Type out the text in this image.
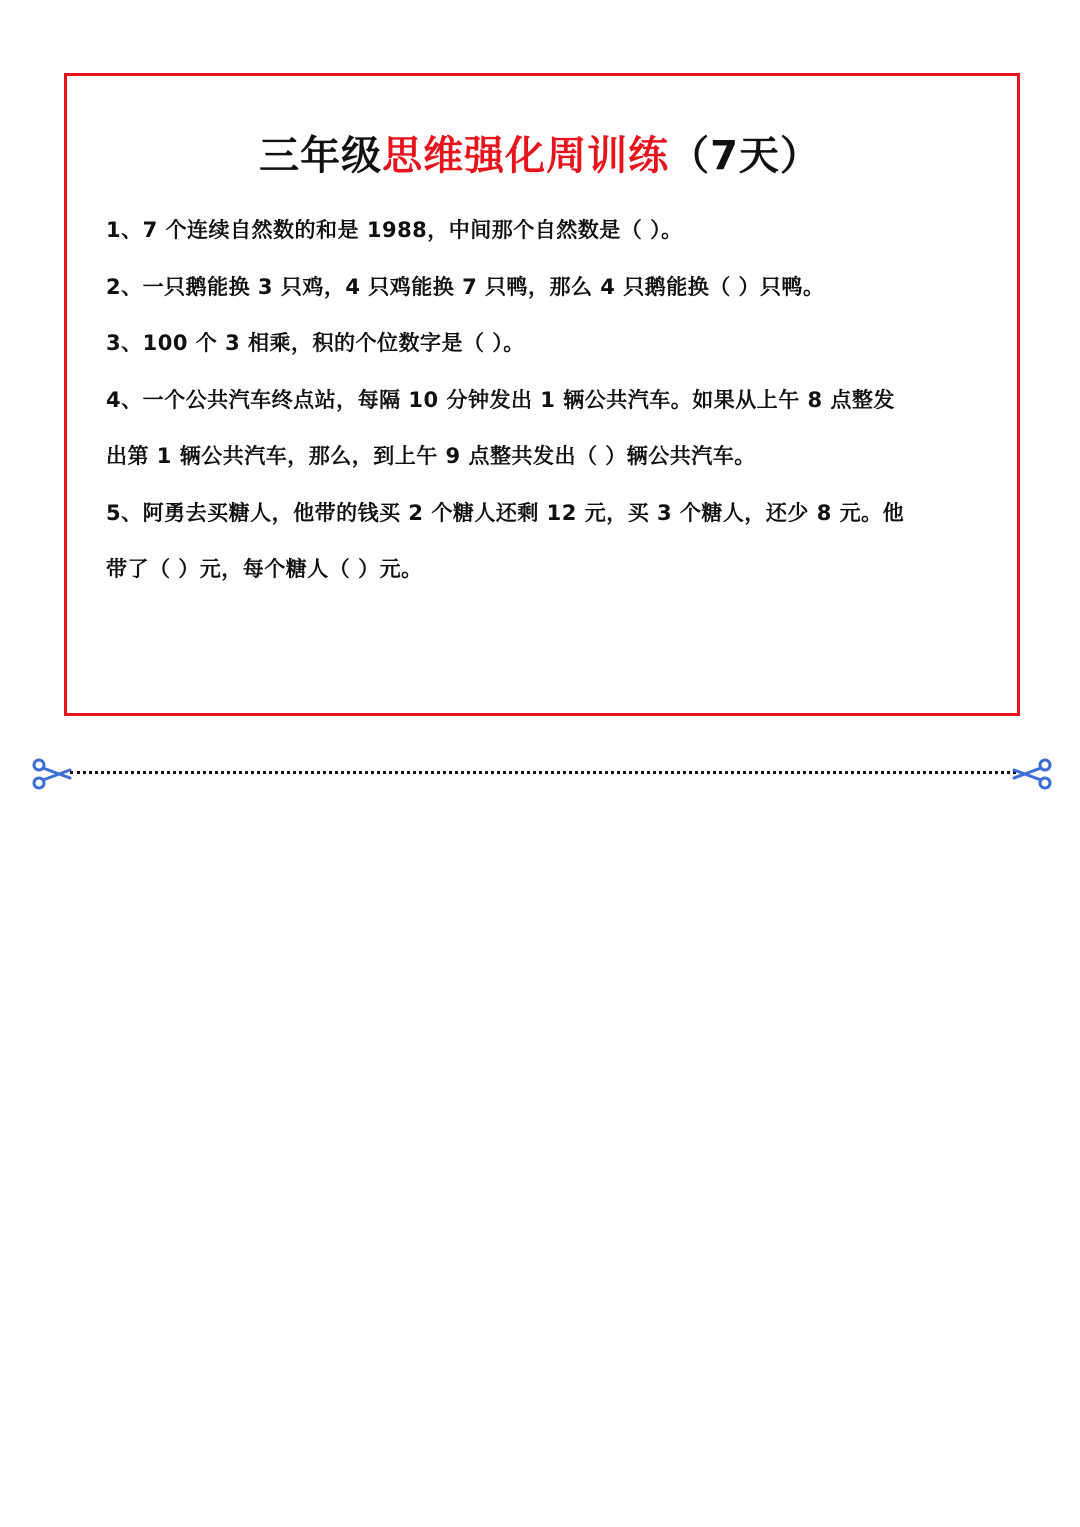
三年级思维强化周训练（7天）
1、7 个连续自然数的和是 1988，中间那个自然数是（ ）。
2、一只鹅能换 3 只鸡，4 只鸡能换 7 只鸭，那么 4 只鹅能换（ ）只鸭。
3、100 个 3 相乘，积的个位数字是（ ）。
4、一个公共汽车终点站，每隔 10 分钟发出 1 辆公共汽车。如果从上午 8 点整发
出第 1 辆公共汽车，那么，到上午 9 点整共发出（ ）辆公共汽车。
5、阿勇去买糖人，他带的钱买 2 个糖人还剩 12 元，买 3 个糖人，还少 8 元。他
带了（ ）元，每个糖人（ ）元。
